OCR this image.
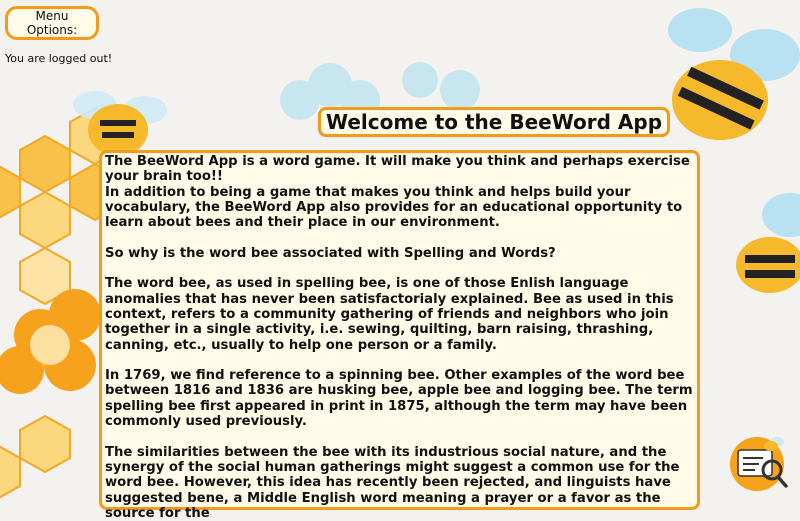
Menu Options:
You are logged out!
Welcome to the BeeWord App

The BeeWord App is a word game. It will make you think and perhaps exercise your brain too!!

In addition to being a game that makes you think and helps build your vocabulary, the BeeWord App also provides for an educational opportunity to learn about bees and their place in our environment.

So why is the word bee associated with Spelling and Words?

The word bee, as used in spelling bee, is one of those Enlish language anomalies that has never been satisfactorialy explained. Bee as used in this context, refers to a community gathering of friends and neighbors who join together in a single activity, i.e. sewing, quilting, barn raising, thrashing, canning, etc., usually to help one person or a family.

In 1769, we find reference to a spinning bee. Other examples of the word bee between 1816 and 1836 are husking bee, apple bee and logging bee. The term spelling bee first appeared in print in 1875, although the term may have been commonly used previously.

The similarities between the bee with its industrious social nature, and the synergy of the social human gatherings might suggest a common use for the word bee. However, this idea has recently been rejected, and linguists have suggested bene, a Middle English word meaning a prayer or a favor as the source for the
